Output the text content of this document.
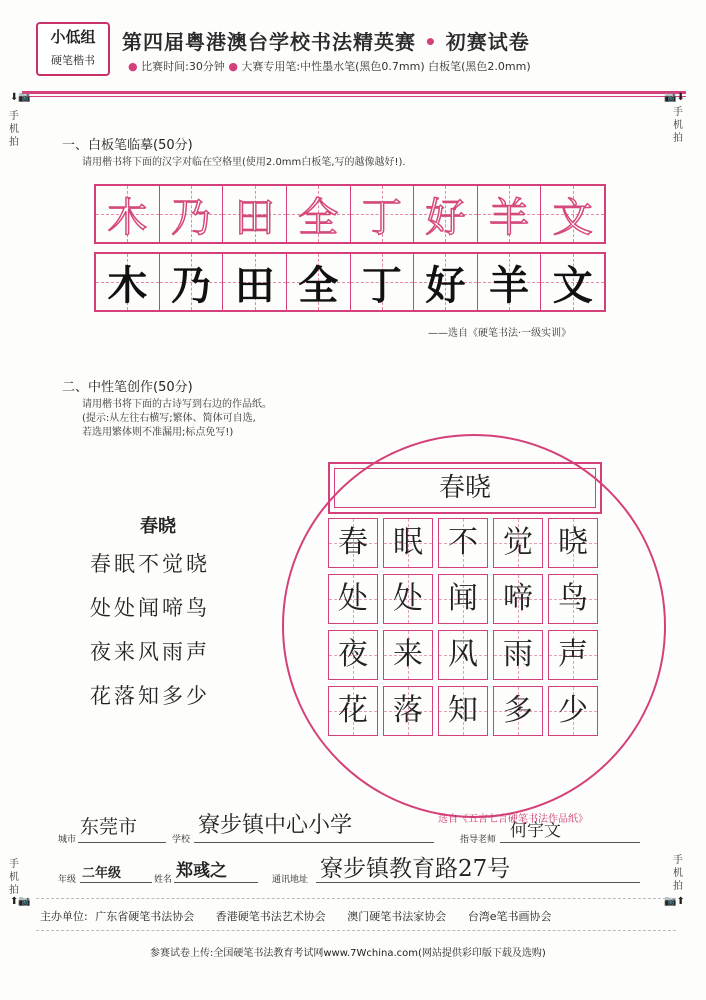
小低组
硬笔楷书
第四届粤港澳台学校书法精英赛 • 初赛试卷
● 比赛时间:30分钟 ● 大赛专用笔:中性墨水笔(黑色0.7mm) 白板笔(黑色2.0mm)
⬇📷
手机拍
📷⬇
手机拍
手机拍
⬆📷
手机拍
📷⬆
一、白板笔临摹(50分)
请用楷书将下面的汉字对临在空格里(使用2.0mm白板笔,写的越像越好!).
木 乃 田 全 丁 好 羊 文
木 乃 田 全 丁 好 羊 文
——选自《硬笔书法·一级实训》
二、中性笔创作(50分)
请用楷书将下面的古诗写到右边的作品纸。
(提示:从左往右横写;繁体、简体可自选,
若选用繁体则不准漏用;标点免写!)
春晓
春眠不觉晓
处处闻啼鸟
夜来风雨声
花落知多少
春晓
春 眠 不 觉 晓
处 处 闻 啼 鸟
夜 来 风 雨 声
花 落 知 多 少
选自《五言七言硬笔书法作品纸》
城市
东莞市
学校
寮步镇中心小学
指导老师 何宇文
年级 二年级	姓名 郑彧之	通讯地址 寮步镇教育路27号
主办单位: 广东省硬笔书法协会 香港硬笔书法艺术协会 澳门硬笔书法家协会 台湾e笔书画协会
参赛试卷上传:全国硬笔书法教育考试网www.7Wchina.com(网站提供彩印版下载及选购)
